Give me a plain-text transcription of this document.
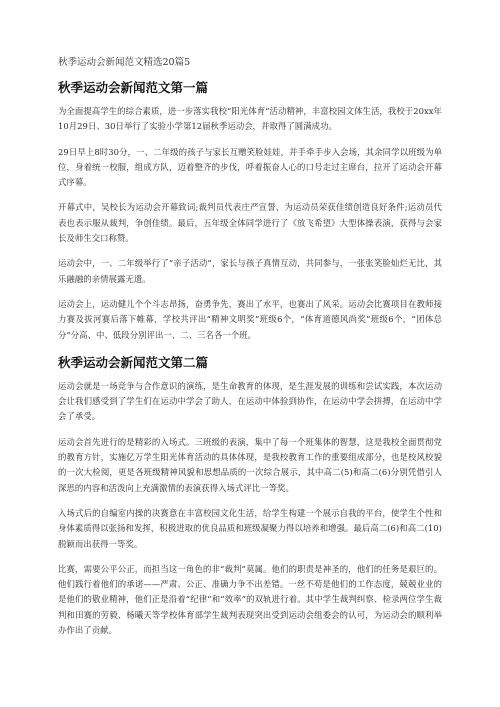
秋季运动会新闻范文精选20篇5
秋季运动会新闻范文第一篇

为全面提高学生的综合素质，进一步落实我校“阳光体育”活动精神，丰富校园文体生活，我校于20xx年10月29日、30日举行了实验小学第12届秋季运动会，并取得了圆满成功。

29日早上8时30分，一、二年级的孩子与家长互赠笑脸娃娃，并手牵手步入会场，其余同学以班级为单位，身着统一校服，组成方队，迈着整齐的步伐，呼着振奋人心的口号走过主席台，拉开了运动会开幕式序幕。

开幕式中，吴校长为运动会开幕致词;裁判员代表庄严宣誓，为运动员荣获佳绩创造良好条件;运动员代表也表示服从裁判，争创佳绩。最后，五年级全体同学进行了《放飞希望》大型体操表演，获得与会家长及师生交口称赞。

运动会中，一、二年级举行了“亲子活动”，家长与孩子真情互动，共同参与，一张张笑脸灿烂无比，其乐融融的亲情展露无遗。

运动会上，运动健儿个个斗志昂扬，奋勇争先，赛出了水平，也赛出了风采。运动会比赛项目在教师接力赛及拔河赛后落下帷幕，学校共评出“精神文明奖”班级6个，“体育道德风尚奖”班级6个，“团体总分”分高、中、低段分别评出一、二、三名各一个班。

秋季运动会新闻范文第二篇

运动会就是一场竞争与合作意识的演练，是生命教育的体现，是生涯发展的训练和尝试实践，本次运动会让我们感受到了学生们在运动中学会了助人，在运动中体验到协作，在运动中学会拼搏，在运动中学会了承受。

运动会首先进行的是精彩的入场式。三班级的表演，集中了每一个班集体的智慧，这是我校全面贯彻党的教育方针，实施亿万学生阳光体育活动的具体体现，是我校教育工作的重要组成部分，也是校风校貌的一次大检阅，更是各班级精神风貌和思想品质的一次综合展示，其中高二(5)和高二(6)分别凭借引人深思的内容和活泼向上充满激情的表演获得入场式评比一等奖。

入场式后的自编室内操的决赛意在丰富校园文化生活，给学生构建一个展示自我的平台，使学生个性和身体素质得以张扬和发挥，积极进取的优良品质和班级凝聚力得以培养和增强。最后高二(6)和高二(10)脱颖而出获得一等奖。

比赛，需要公平公正，而担当这一角色的非“裁判”莫属。他们的职责是神圣的，他们的任务是艰巨的。他们践行着他们的承诺——严肃、公正、准确力争不出差错。一丝不苟是他们的工作态度，兢兢业业的是他们的敬业精神，他们正是沿着“纪律”和“效率”的双轨进行着。其中学生裁判纠察、检录两位学生裁判和田赛的劳毅、杨曦天等学校体育部学生裁判表现突出受到运动会组委会的认可，为运动会的顺利举办作出了贡献。
